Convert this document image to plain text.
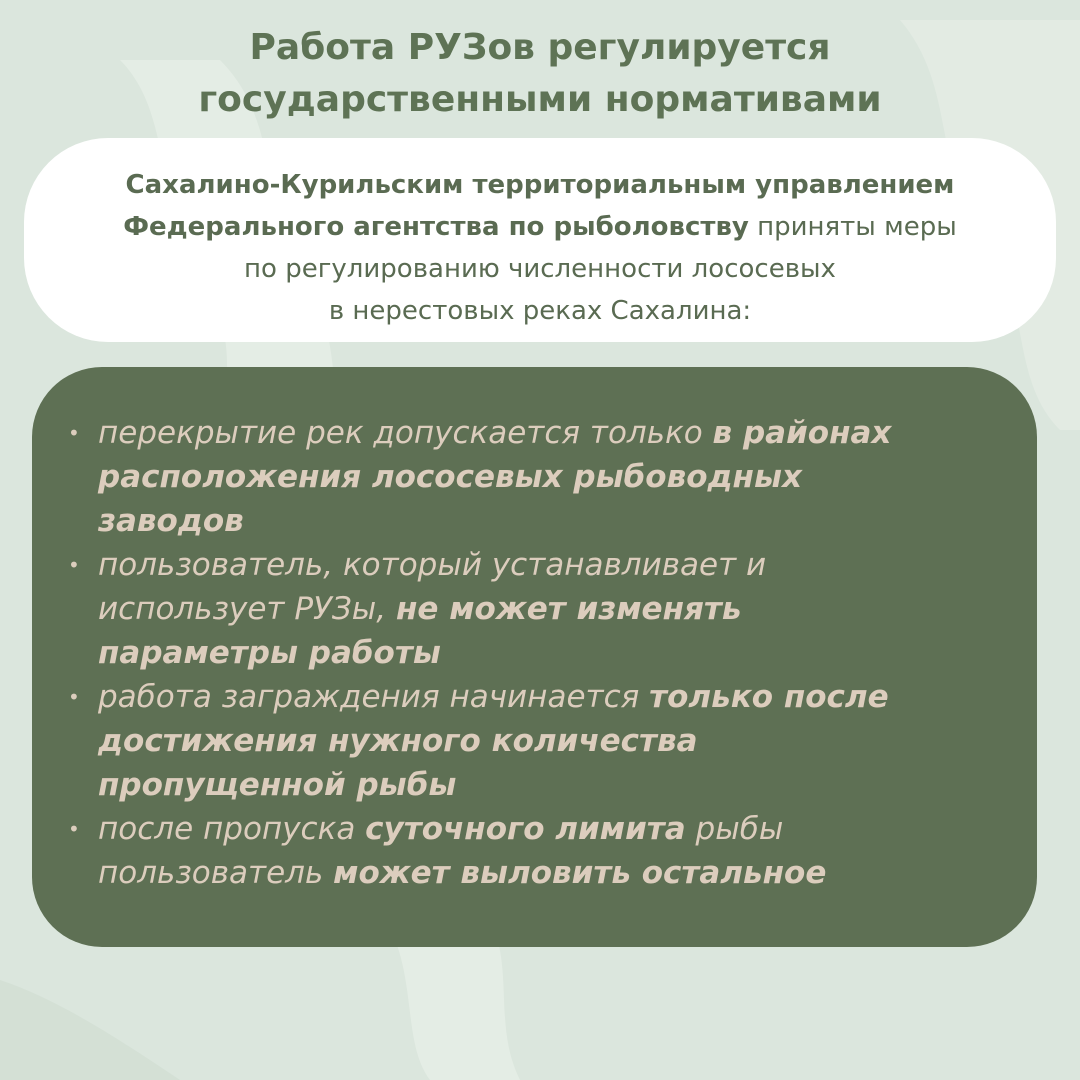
Работа РУЗов регулируется
государственными нормативами
Сахалино-Курильским территориальным управлением
Федерального агентства по рыболовству приняты меры
по регулированию численности лососевых
в нерестовых реках Сахалина:
• перекрытие рек допускается только в районах
расположения лососевых рыбоводных
заводов
• пользователь, который устанавливает и
использует РУЗы, не может изменять
параметры работы
• работа заграждения начинается только после
достижения нужного количества
пропущенной рыбы
• после пропуска суточного лимита рыбы
пользователь может выловить остальное
